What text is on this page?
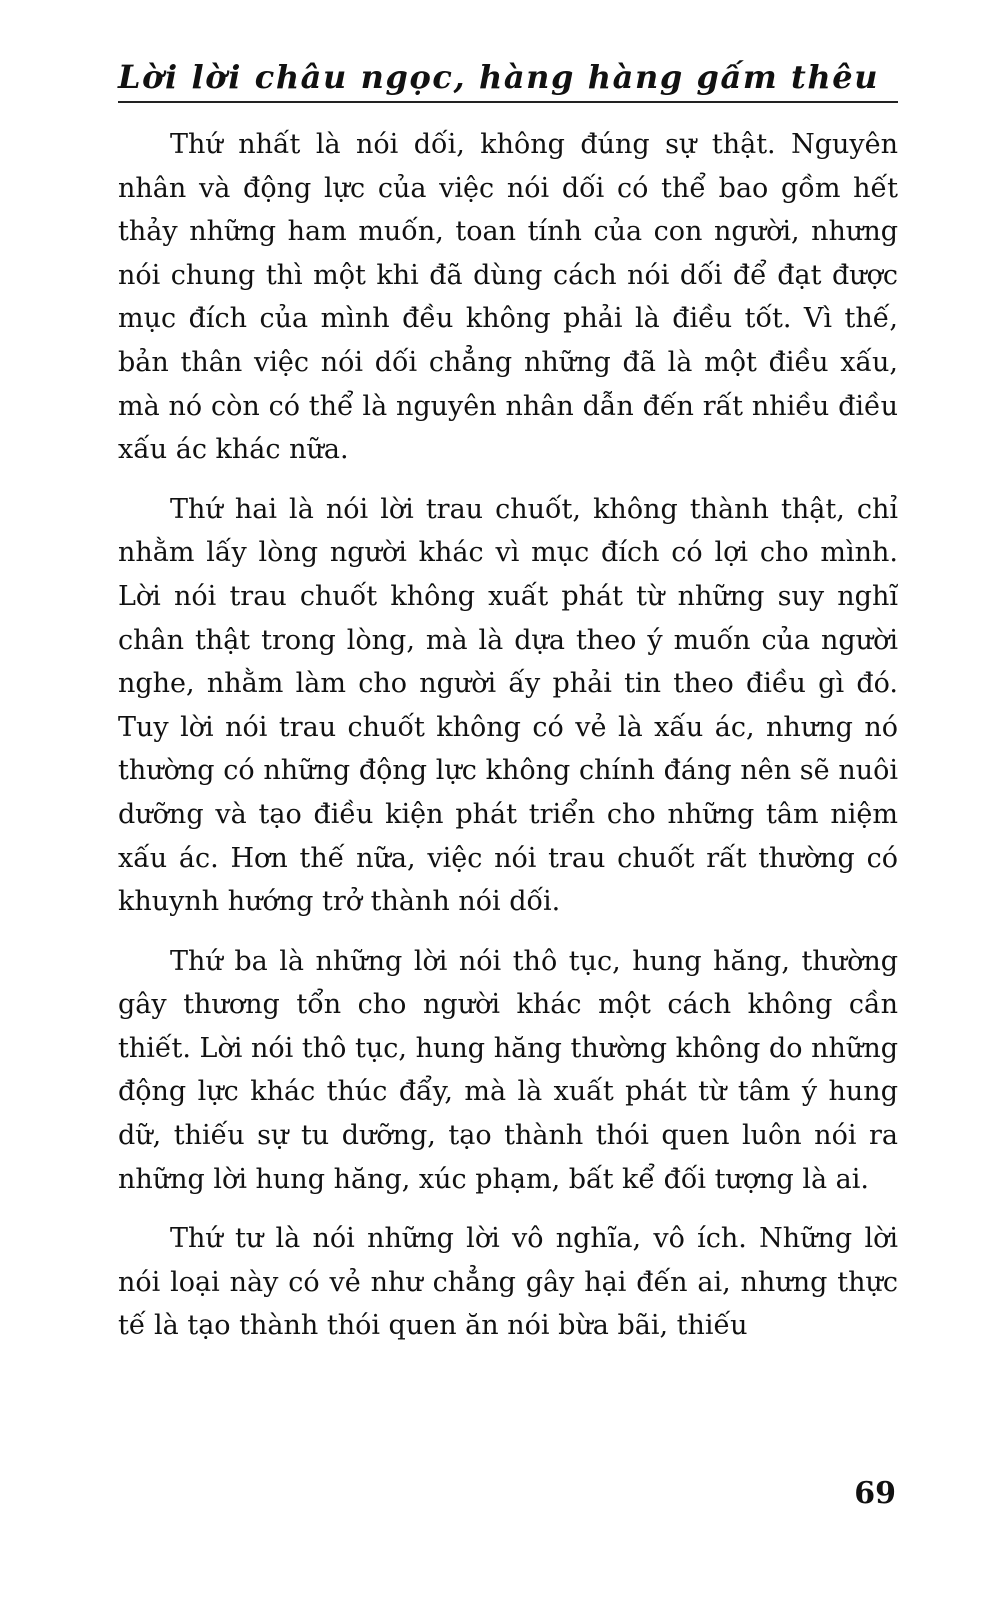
Lời lời châu ngọc, hàng hàng gấm thêu

Thứ nhất là nói dối, không đúng sự thật. Nguyên nhân và động lực của việc nói dối có thể bao gồm hết thảy những ham muốn, toan tính của con người, nhưng nói chung thì một khi đã dùng cách nói dối để đạt được mục đích của mình đều không phải là điều tốt. Vì thế, bản thân việc nói dối chẳng những đã là một điều xấu, mà nó còn có thể là nguyên nhân dẫn đến rất nhiều điều xấu ác khác nữa.

Thứ hai là nói lời trau chuốt, không thành thật, chỉ nhằm lấy lòng người khác vì mục đích có lợi cho mình. Lời nói trau chuốt không xuất phát từ những suy nghĩ chân thật trong lòng, mà là dựa theo ý muốn của người nghe, nhằm làm cho người ấy phải tin theo điều gì đó. Tuy lời nói trau chuốt không có vẻ là xấu ác, nhưng nó thường có những động lực không chính đáng nên sẽ nuôi dưỡng và tạo điều kiện phát triển cho những tâm niệm xấu ác. Hơn thế nữa, việc nói trau chuốt rất thường có khuynh hướng trở thành nói dối.

Thứ ba là những lời nói thô tục, hung hăng, thường gây thương tổn cho người khác một cách không cần thiết. Lời nói thô tục, hung hăng thường không do những động lực khác thúc đẩy, mà là xuất phát từ tâm ý hung dữ, thiếu sự tu dưỡng, tạo thành thói quen luôn nói ra những lời hung hăng, xúc phạm, bất kể đối tượng là ai.

Thứ tư là nói những lời vô nghĩa, vô ích. Những lời nói loại này có vẻ như chẳng gây hại đến ai, nhưng thực tế là tạo thành thói quen ăn nói bừa bãi, thiếu

69
